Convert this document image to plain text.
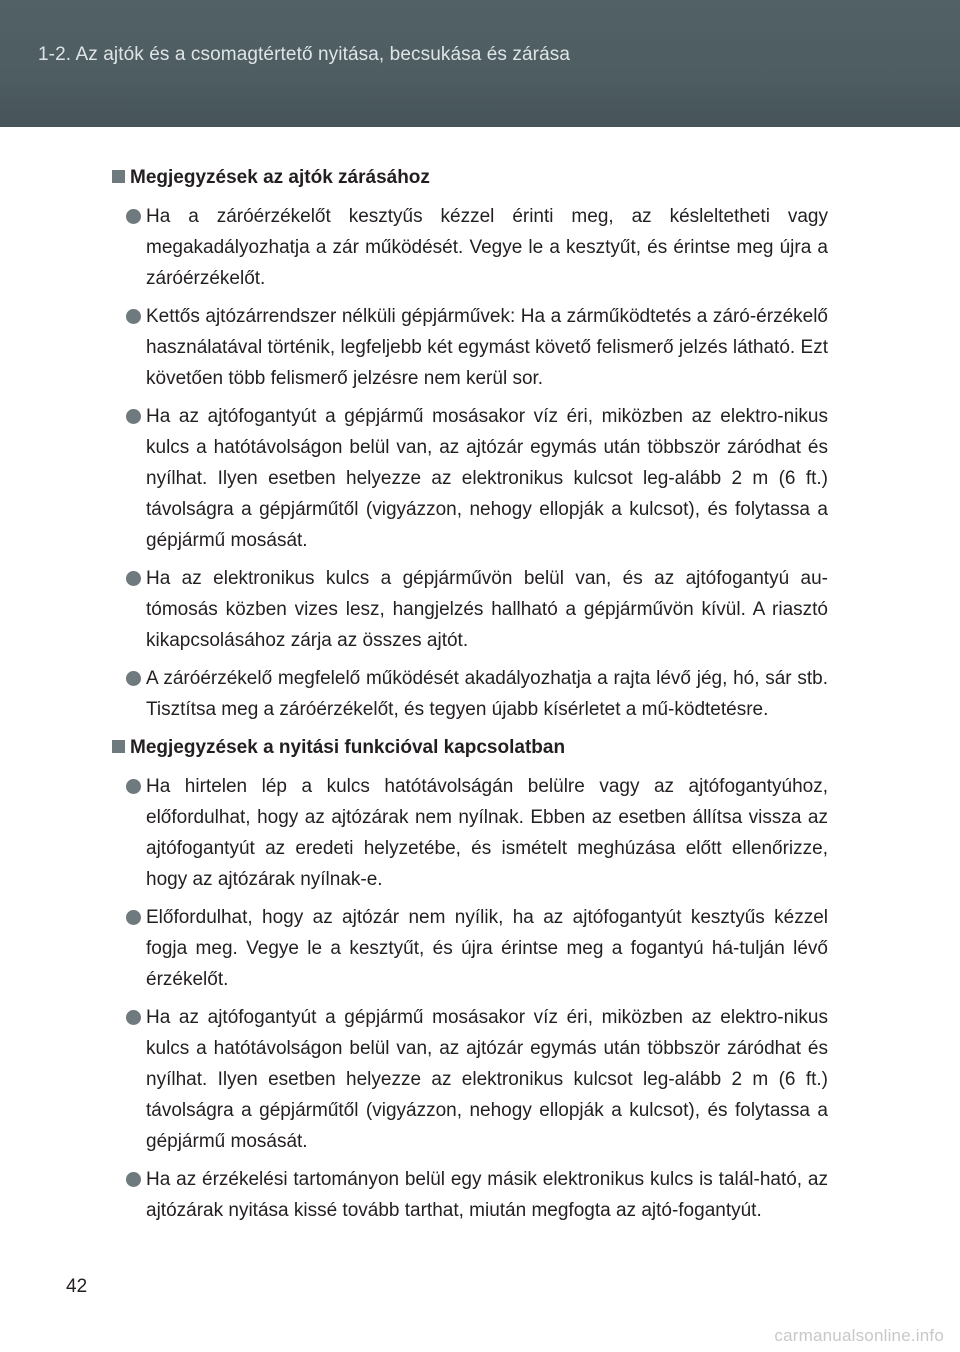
1-2. Az ajtók és a csomagtértető nyitása, becsukása és zárása
Megjegyzések az ajtók zárásához
Ha a záróérzékelőt kesztyűs kézzel érinti meg, az késleltetheti vagy megakadályozhatja a zár működését. Vegye le a kesztyűt, és érintse meg újra a záróérzékelőt.
Kettős ajtózárrendszer nélküli gépjárművek: Ha a zárműködtetés a záró-érzékelő használatával történik, legfeljebb két egymást követő felismerő jelzés látható. Ezt követően több felismerő jelzésre nem kerül sor.
Ha az ajtófogantyút a gépjármű mosásakor víz éri, miközben az elektro-nikus kulcs a hatótávolságon belül van, az ajtózár egymás után többször záródhat és nyílhat. Ilyen esetben helyezze az elektronikus kulcsot leg-alább 2 m (6 ft.) távolságra a gépjárműtől (vigyázzon, nehogy ellopják a kulcsot), és folytassa a gépjármű mosását.
Ha az elektronikus kulcs a gépjárművön belül van, és az ajtófogantyú au-tómosás közben vizes lesz, hangjelzés hallható a gépjárművön kívül. A riasztó kikapcsolásához zárja az összes ajtót.
A záróérzékelő megfelelő működését akadályozhatja a rajta lévő jég, hó, sár stb. Tisztítsa meg a záróérzékelőt, és tegyen újabb kísérletet a mű-ködtetésre.
Megjegyzések a nyitási funkcióval kapcsolatban
Ha hirtelen lép a kulcs hatótávolságán belülre vagy az ajtófogantyúhoz, előfordulhat, hogy az ajtózárak nem nyílnak. Ebben az esetben állítsa vissza az ajtófogantyút az eredeti helyzetébe, és ismételt meghúzása előtt ellenőrizze, hogy az ajtózárak nyílnak-e.
Előfordulhat, hogy az ajtózár nem nyílik, ha az ajtófogantyút kesztyűs kézzel fogja meg. Vegye le a kesztyűt, és újra érintse meg a fogantyú há-tulján lévő érzékelőt.
Ha az ajtófogantyút a gépjármű mosásakor víz éri, miközben az elektro-nikus kulcs a hatótávolságon belül van, az ajtózár egymás után többször záródhat és nyílhat. Ilyen esetben helyezze az elektronikus kulcsot leg-alább 2 m (6 ft.) távolságra a gépjárműtől (vigyázzon, nehogy ellopják a kulcsot), és folytassa a gépjármű mosását.
Ha az érzékelési tartományon belül egy másik elektronikus kulcs is talál-ható, az ajtózárak nyitása kissé tovább tarthat, miután megfogta az ajtó-fogantyút.
42
carmanualsonline.info
